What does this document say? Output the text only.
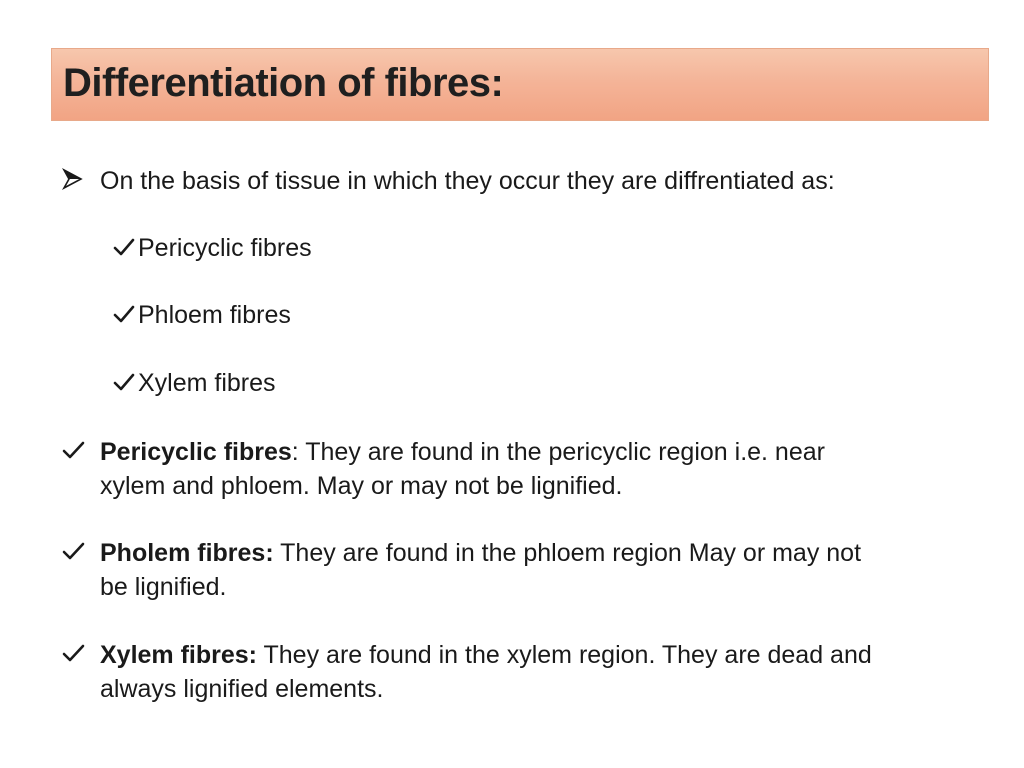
Differentiation of fibres:
On the basis of tissue in which they occur they are diffrentiated as:
Pericyclic fibres
Phloem fibres
Xylem fibres
Pericyclic fibres: They are found in the pericyclic region i.e. near
xylem and phloem. May or may not be lignified.
Pholem fibres: They are found in the phloem region May or may not
be lignified.
Xylem fibres: They are found in the xylem region. They are dead and
always lignified elements.
